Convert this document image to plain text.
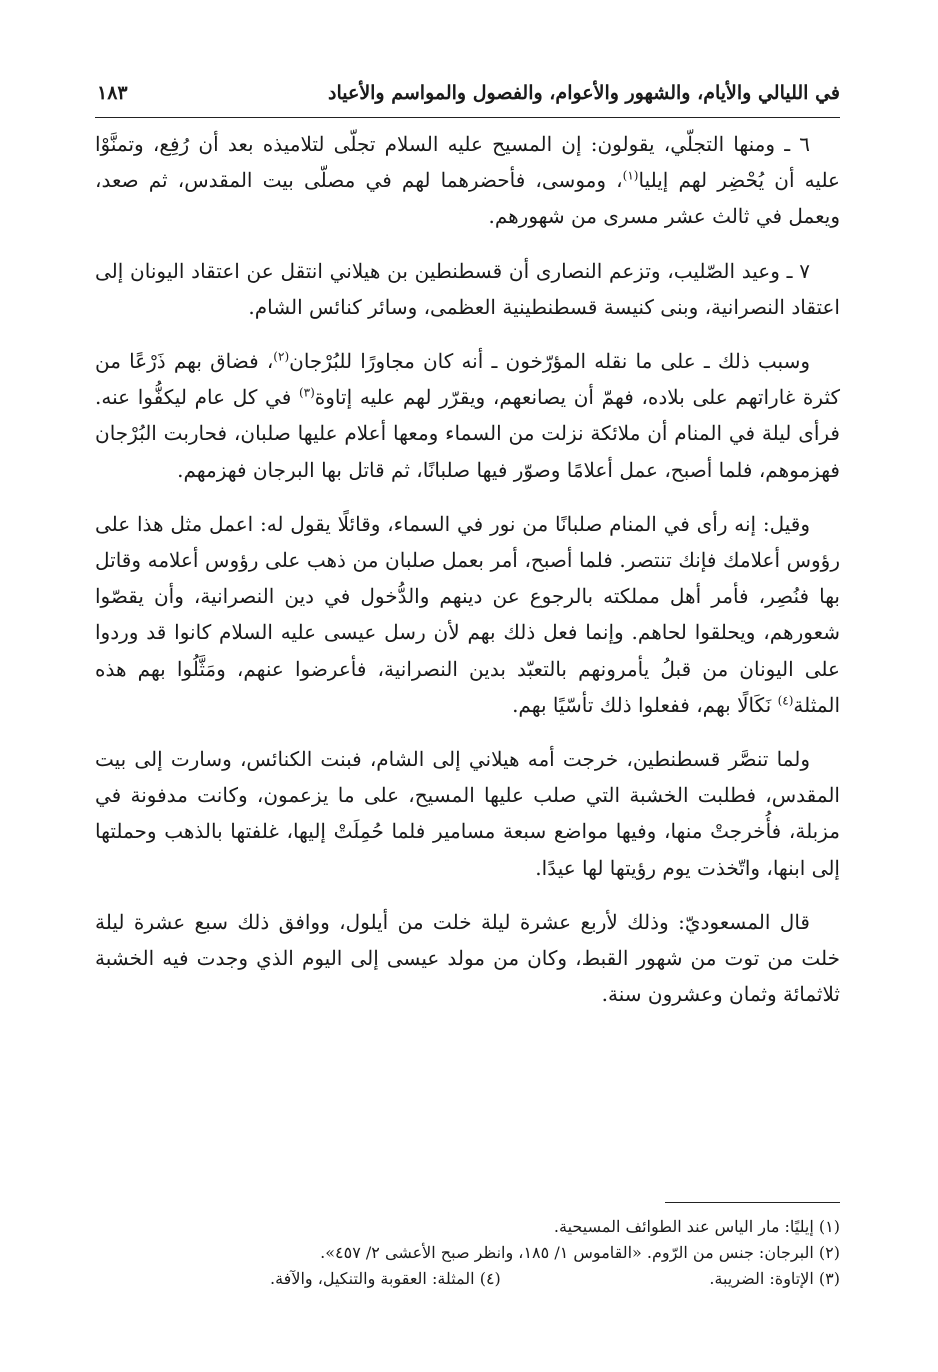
في الليالي والأيام، والشهور والأعوام، والفصول والمواسم والأعياد
١٨٣

٦ ـ ومنها التجلّي، يقولون: إن المسيح عليه السلام تجلّى لتلاميذه بعد أن رُفِع، وتمنَّوْا عليه أن يُحْضِر لهم إيليا$^{(١)}$، وموسى، فأحضرهما لهم في مصلّى بيت المقدس، ثم صعد، ويعمل في ثالث عشر مسرى من شهورهم.

٧ ـ وعيد الصّليب، وتزعم النصارى أن قسطنطين بن هيلاني انتقل عن اعتقاد اليونان إلى اعتقاد النصرانية، وبنى كنيسة قسطنطينية العظمى، وسائر كنائس الشام.

وسبب ذلك ـ على ما نقله المؤرّخون ـ أنه كان مجاورًا للبُرْجان$^{(٢)}$، فضاق بهم ذَرْعًا من كثرة غاراتهم على بلاده، فهمّ أن يصانعهم، ويقرّر لهم عليه إتاوة$^{(٣)}$ في كل عام ليكفُّوا عنه. فرأى ليلة في المنام أن ملائكة نزلت من السماء ومعها أعلام عليها صلبان، فحاربت البُرْجان فهزموهم، فلما أصبح، عمل أعلامًا وصوّر فيها صلبانًا، ثم قاتل بها البرجان فهزمهم.

وقيل: إنه رأى في المنام صلبانًا من نور في السماء، وقائلًا يقول له: اعمل مثل هذا على رؤوس أعلامك فإنك تنتصر. فلما أصبح، أمر بعمل صلبان من ذهب على رؤوس أعلامه وقاتل بها فنُصِر، فأمر أهل مملكته بالرجوع عن دينهم والدُّخول في دين النصرانية، وأن يقصّوا شعورهم، ويحلقوا لحاهم. وإنما فعل ذلك بهم لأن رسل عيسى عليه السلام كانوا قد وردوا على اليونان من قبلُ يأمرونهم بالتعبّد بدين النصرانية، فأعرضوا عنهم، ومَثَّلُوا بهم هذه المثلة$^{(٤)}$ نَكَالًا بهم، ففعلوا ذلك تأسّيًا بهم.

ولما تنصَّر قسطنطين، خرجت أمه هيلاني إلى الشام، فبنت الكنائس، وسارت إلى بيت المقدس، فطلبت الخشبة التي صلب عليها المسيح، على ما يزعمون، وكانت مدفونة في مزبلة، فأُخرجتْ منها، وفيها مواضع سبعة مسامير فلما حُمِلَتْ إليها، غلفتها بالذهب وحملتها إلى ابنها، واتّخذت يوم رؤيتها لها عيدًا.

قال المسعوديّ: وذلك لأربع عشرة ليلة خلت من أيلول، ووافق ذلك سبع عشرة ليلة خلت من توت من شهور القبط، وكان من مولد عيسى إلى اليوم الذي وجدت فيه الخشبة ثلاثمائة وثمان وعشرون سنة.

(١) إيليًا: مار الياس عند الطوائف المسيحية.
(٢) البرجان: جنس من الرّوم. «القاموس ١/ ١٨٥، وانظر صبح الأعشى ٢/ ٤٥٧».
(٣) الإتاوة: الضريبة.
(٤) المثلة: العقوبة والتنكيل، والآفة.
